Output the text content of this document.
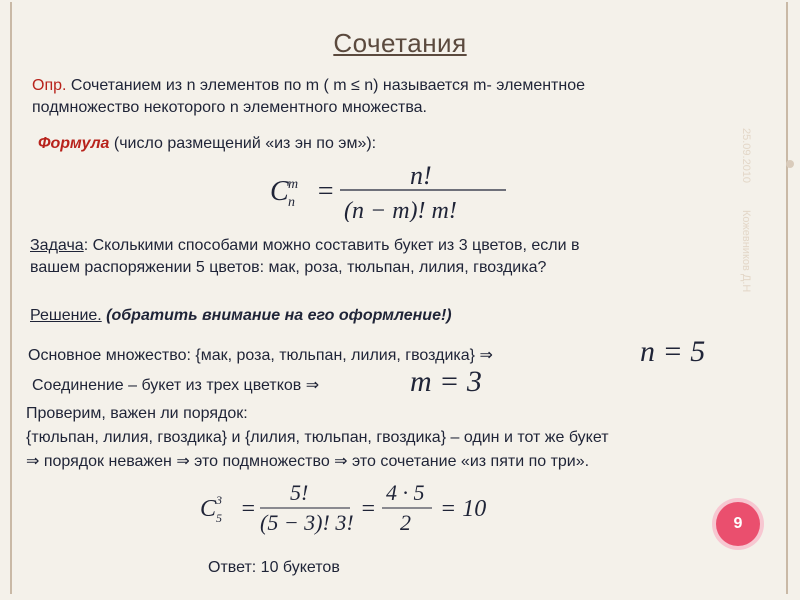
Сочетания
Опр. Сочетанием из n элементов по m ( m ≤ n) называется m- элементное
подмножество некоторого n элементного множества.
Формула (число размещений «из эн по эм»):
C m
n =
n!
(n − m)! m!
Задача: Сколькими способами можно составить букет из 3 цветов, если в
вашем распоряжении 5 цветов: мак, роза, тюльпан, лилия, гвоздика?
Решение. (обратить внимание на его оформление!)
Основное множество: {мак, роза, тюльпан, лилия, гвоздика} ⇒	n = 5
Соединение – букет из трех цветков ⇒	m = 3
Проверим, важен ли порядок:
{тюльпан, лилия, гвоздика} и {лилия, тюльпан, гвоздика} – один и тот же букет
⇒ порядок неважен ⇒ это подмножество ⇒ это сочетание «из пяти по три».
C 3
5 =
5!
(5 − 3)! 3!
=
4 · 5
2
= 10
Ответ: 10 букетов
25.09.2010
Кожевников Д.Н
9
